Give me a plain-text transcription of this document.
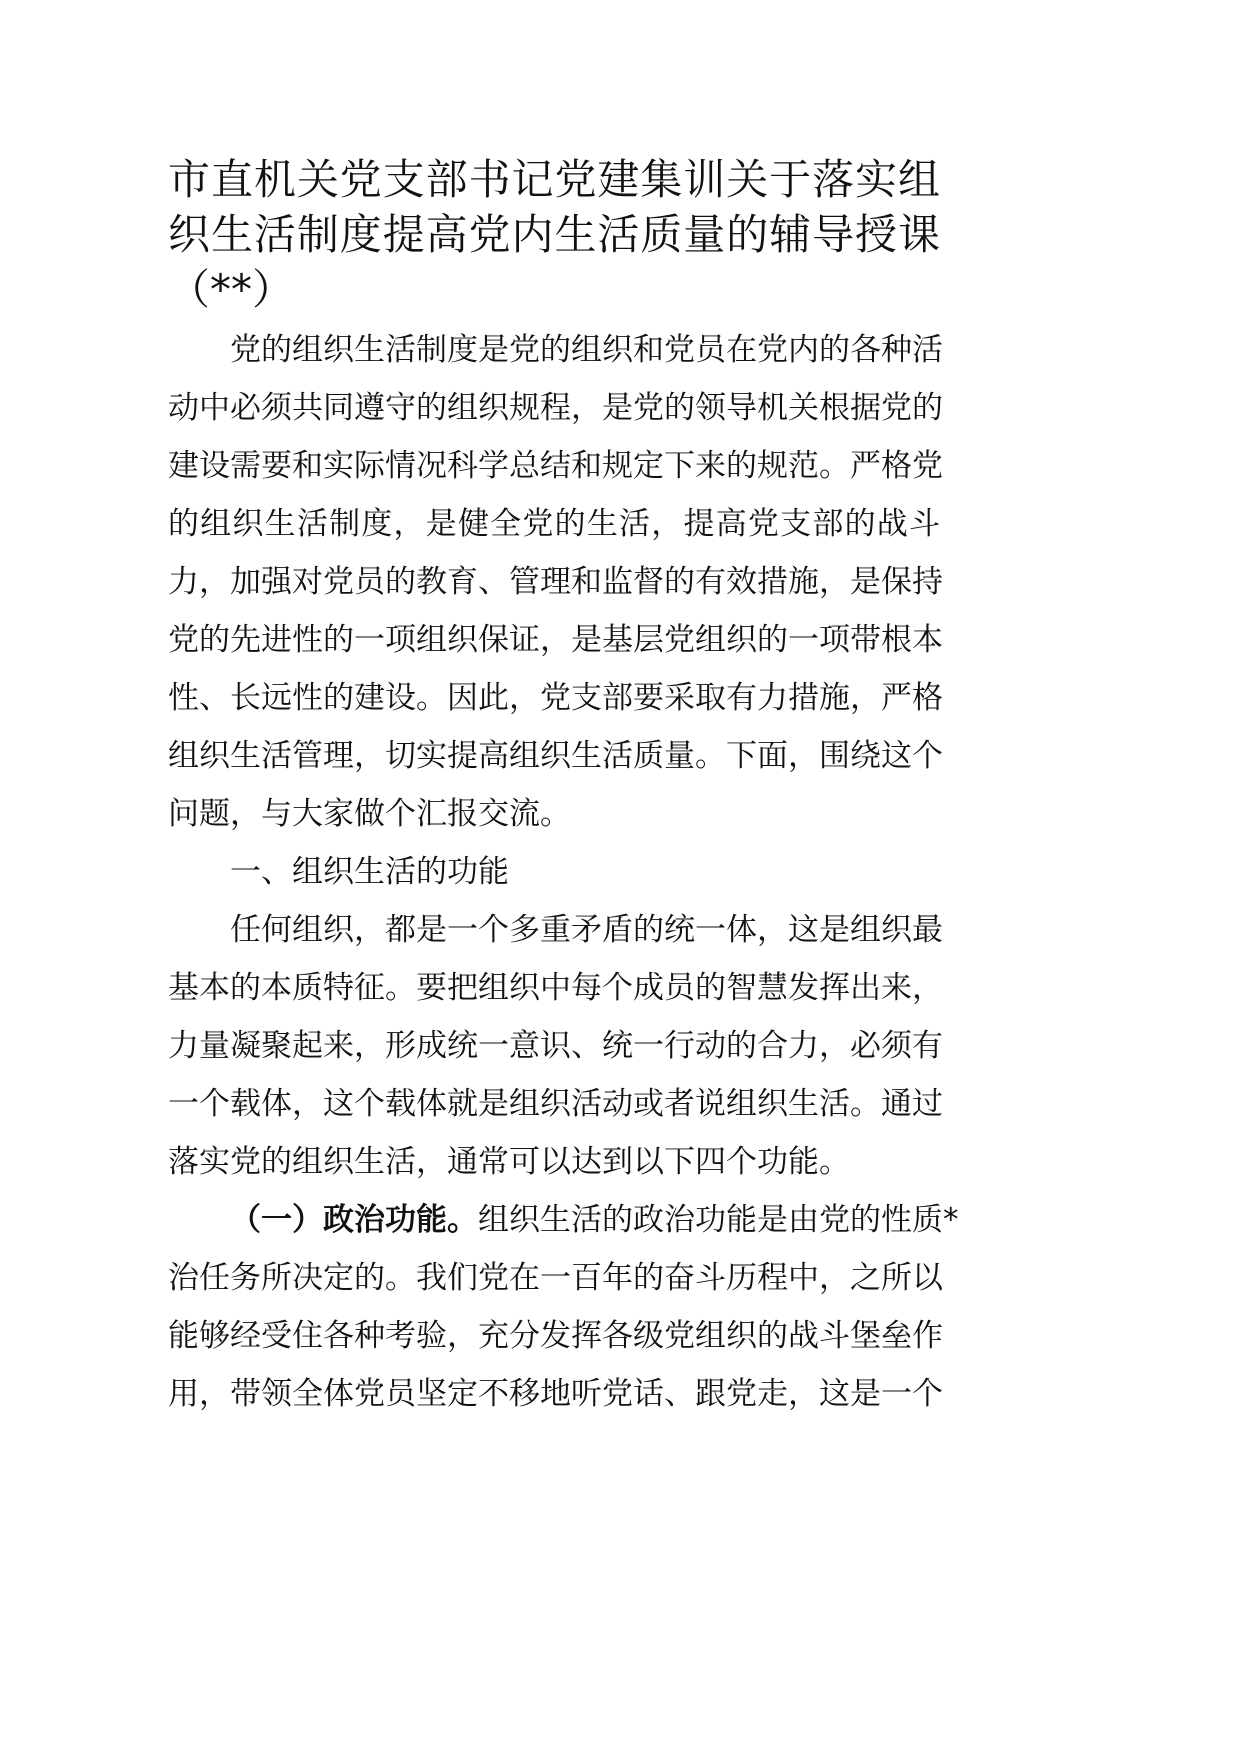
市直机关党支部书记党建集训关于落实组
织生活制度提高党内生活质量的辅导授课
（**）
党的组织生活制度是党的组织和党员在党内的各种活
动中必须共同遵守的组织规程，是党的领导机关根据党的
建设需要和实际情况科学总结和规定下来的规范。严格党
的组织生活制度，是健全党的生活，提高党支部的战斗
力，加强对党员的教育、管理和监督的有效措施，是保持
党的先进性的一项组织保证，是基层党组织的一项带根本
性、长远性的建设。因此，党支部要采取有力措施，严格
组织生活管理，切实提高组织生活质量。下面，围绕这个
问题，与大家做个汇报交流。
一、组织生活的功能
任何组织，都是一个多重矛盾的统一体，这是组织最
基本的本质特征。要把组织中每个成员的智慧发挥出来，
力量凝聚起来，形成统一意识、统一行动的合力，必须有
一个载体，这个载体就是组织活动或者说组织生活。通过
落实党的组织生活，通常可以达到以下四个功能。
（一）政治功能。组织生活的政治功能是由党的性质*
治任务所决定的。我们党在一百年的奋斗历程中，之所以
能够经受住各种考验，充分发挥各级党组织的战斗堡垒作
用，带领全体党员坚定不移地听党话、跟党走，这是一个
